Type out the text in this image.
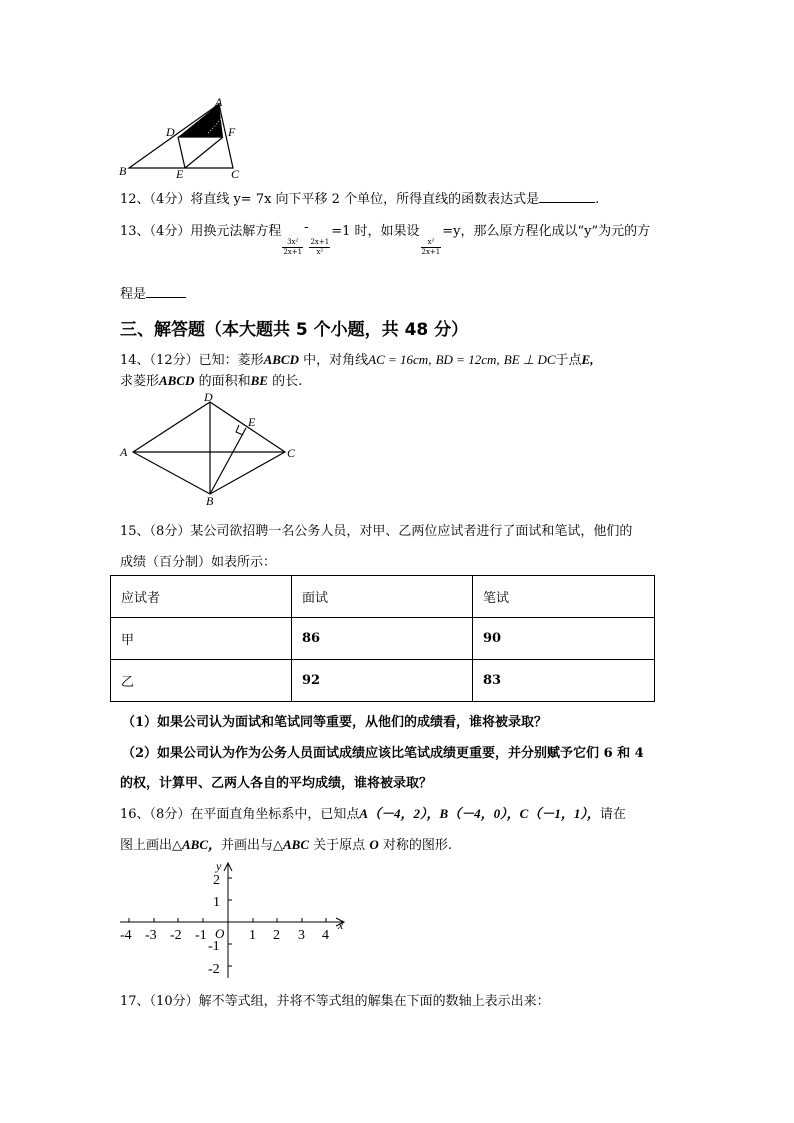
A
D	F
B	E	C
12、（4分）将直线 y= 7x 向下平移 2 个单位，所得直线的函数表达式是	.
13、（4分）用换元法解方程
$\frac{\text{3x²}}{2x+1}$
-
$\frac{2x+1}{\text{x²}}$
=1 时，如果设
$\frac{\text{x²}}{2x+1}$
=y，那么原方程化成以“y”为元的方
程是
三、解答题（本大题共 5 个小题，共 48 分）
14、（12分）已知：菱形ABCD 中，对角线AC = 16cm, BD = 12cm, BE ⊥ DC于点E,
求菱形ABCD 的面积和BE 的长.
D
E
A	C
B
15、（8分）某公司欲招聘一名公务人员，对甲、乙两位应试者进行了面试和笔试，他们的
成绩（百分制）如表所示：
应试者	面试	笔试
甲	86	90
乙	92	83
（1）如果公司认为面试和笔试同等重要，从他们的成绩看，谁将被录取？
（2）如果公司认为作为公务人员面试成绩应该比笔试成绩更重要，并分别赋予它们 6 和 4
的权，计算甲、乙两人各自的平均成绩，谁将被录取？
16、（8分）在平面直角坐标系中，已知点A（－4，2），B（－4，0），C（－1，1），请在
图上画出△ABC，并画出与△ABC 关于原点 O 对称的图形.
-4 -3 -2 -1	1 2 3 4
2
1
-1
-2
O
x
y
17、（10分）解不等式组，并将不等式组的解集在下面的数轴上表示出来：
